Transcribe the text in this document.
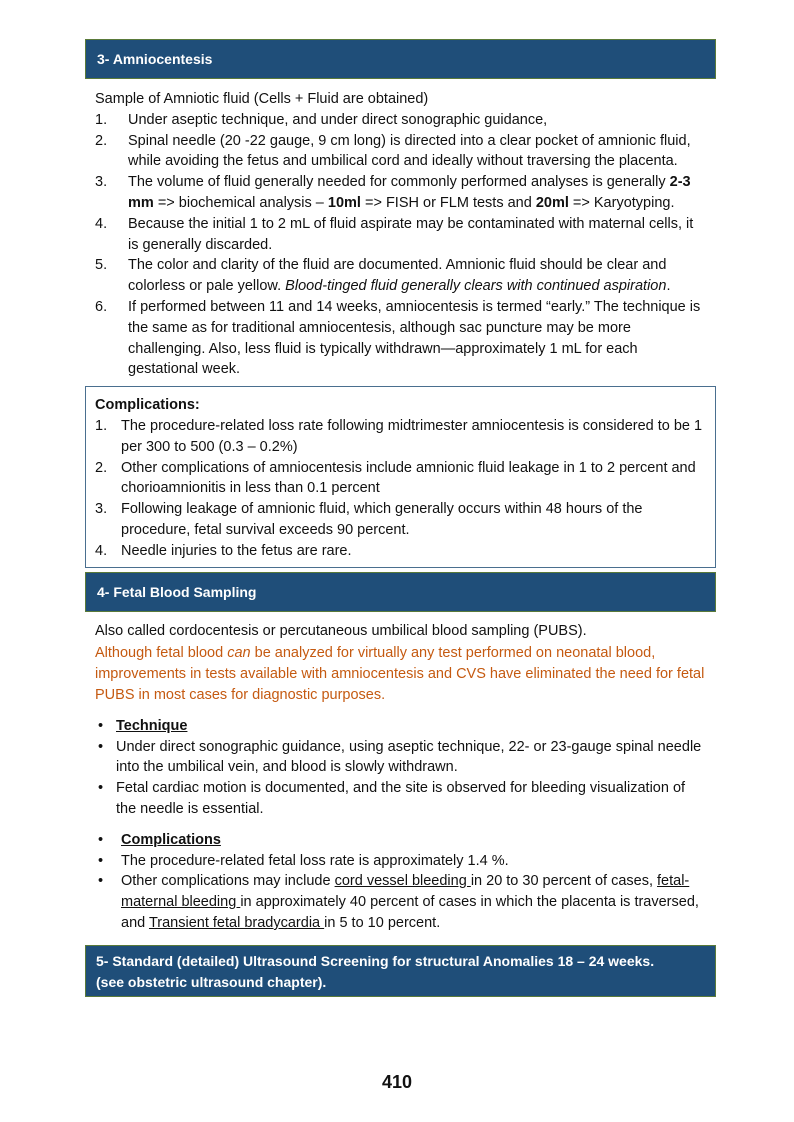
3- Amniocentesis
Sample of Amniotic fluid (Cells + Fluid are obtained)
1. Under aseptic technique, and under direct sonographic guidance,
2. Spinal needle (20 -22 gauge, 9 cm long) is directed into a clear pocket of amnionic fluid, while avoiding the fetus and umbilical cord and ideally without traversing the placenta.
3. The volume of fluid generally needed for commonly performed analyses is generally 2-3 mm => biochemical analysis – 10ml => FISH or FLM tests and 20ml => Karyotyping.
4. Because the initial 1 to 2 mL of fluid aspirate may be contaminated with maternal cells, it is generally discarded.
5. The color and clarity of the fluid are documented. Amnionic fluid should be clear and colorless or pale yellow. Blood-tinged fluid generally clears with continued aspiration.
6. If performed between 11 and 14 weeks, amniocentesis is termed “early.” The technique is the same as for traditional amniocentesis, although sac puncture may be more challenging. Also, less fluid is typically withdrawn—approximately 1 mL for each gestational week.
Complications:
1. The procedure-related loss rate following midtrimester amniocentesis is considered to be 1 per 300 to 500 (0.3 – 0.2%)
2. Other complications of amniocentesis include amnionic fluid leakage in 1 to 2 percent and chorioamnionitis in less than 0.1 percent
3. Following leakage of amnionic fluid, which generally occurs within 48 hours of the procedure, fetal survival exceeds 90 percent.
4. Needle injuries to the fetus are rare.
4- Fetal Blood Sampling
Also called cordocentesis or percutaneous umbilical blood sampling (PUBS).
Although fetal blood can be analyzed for virtually any test performed on neonatal blood, improvements in tests available with amniocentesis and CVS have eliminated the need for fetal PUBS in most cases for diagnostic purposes.
• Technique
• Under direct sonographic guidance, using aseptic technique, 22- or 23-gauge spinal needle into the umbilical vein, and blood is slowly withdrawn.
• Fetal cardiac motion is documented, and the site is observed for bleeding visualization of the needle is essential.
• Complications
• The procedure-related fetal loss rate is approximately 1.4 %.
• Other complications may include cord vessel bleeding in 20 to 30 percent of cases, fetal-maternal bleeding in approximately 40 percent of cases in which the placenta is traversed, and Transient fetal bradycardia in 5 to 10 percent.
5- Standard (detailed) Ultrasound Screening for structural Anomalies 18 – 24 weeks.
(see obstetric ultrasound chapter).
410
